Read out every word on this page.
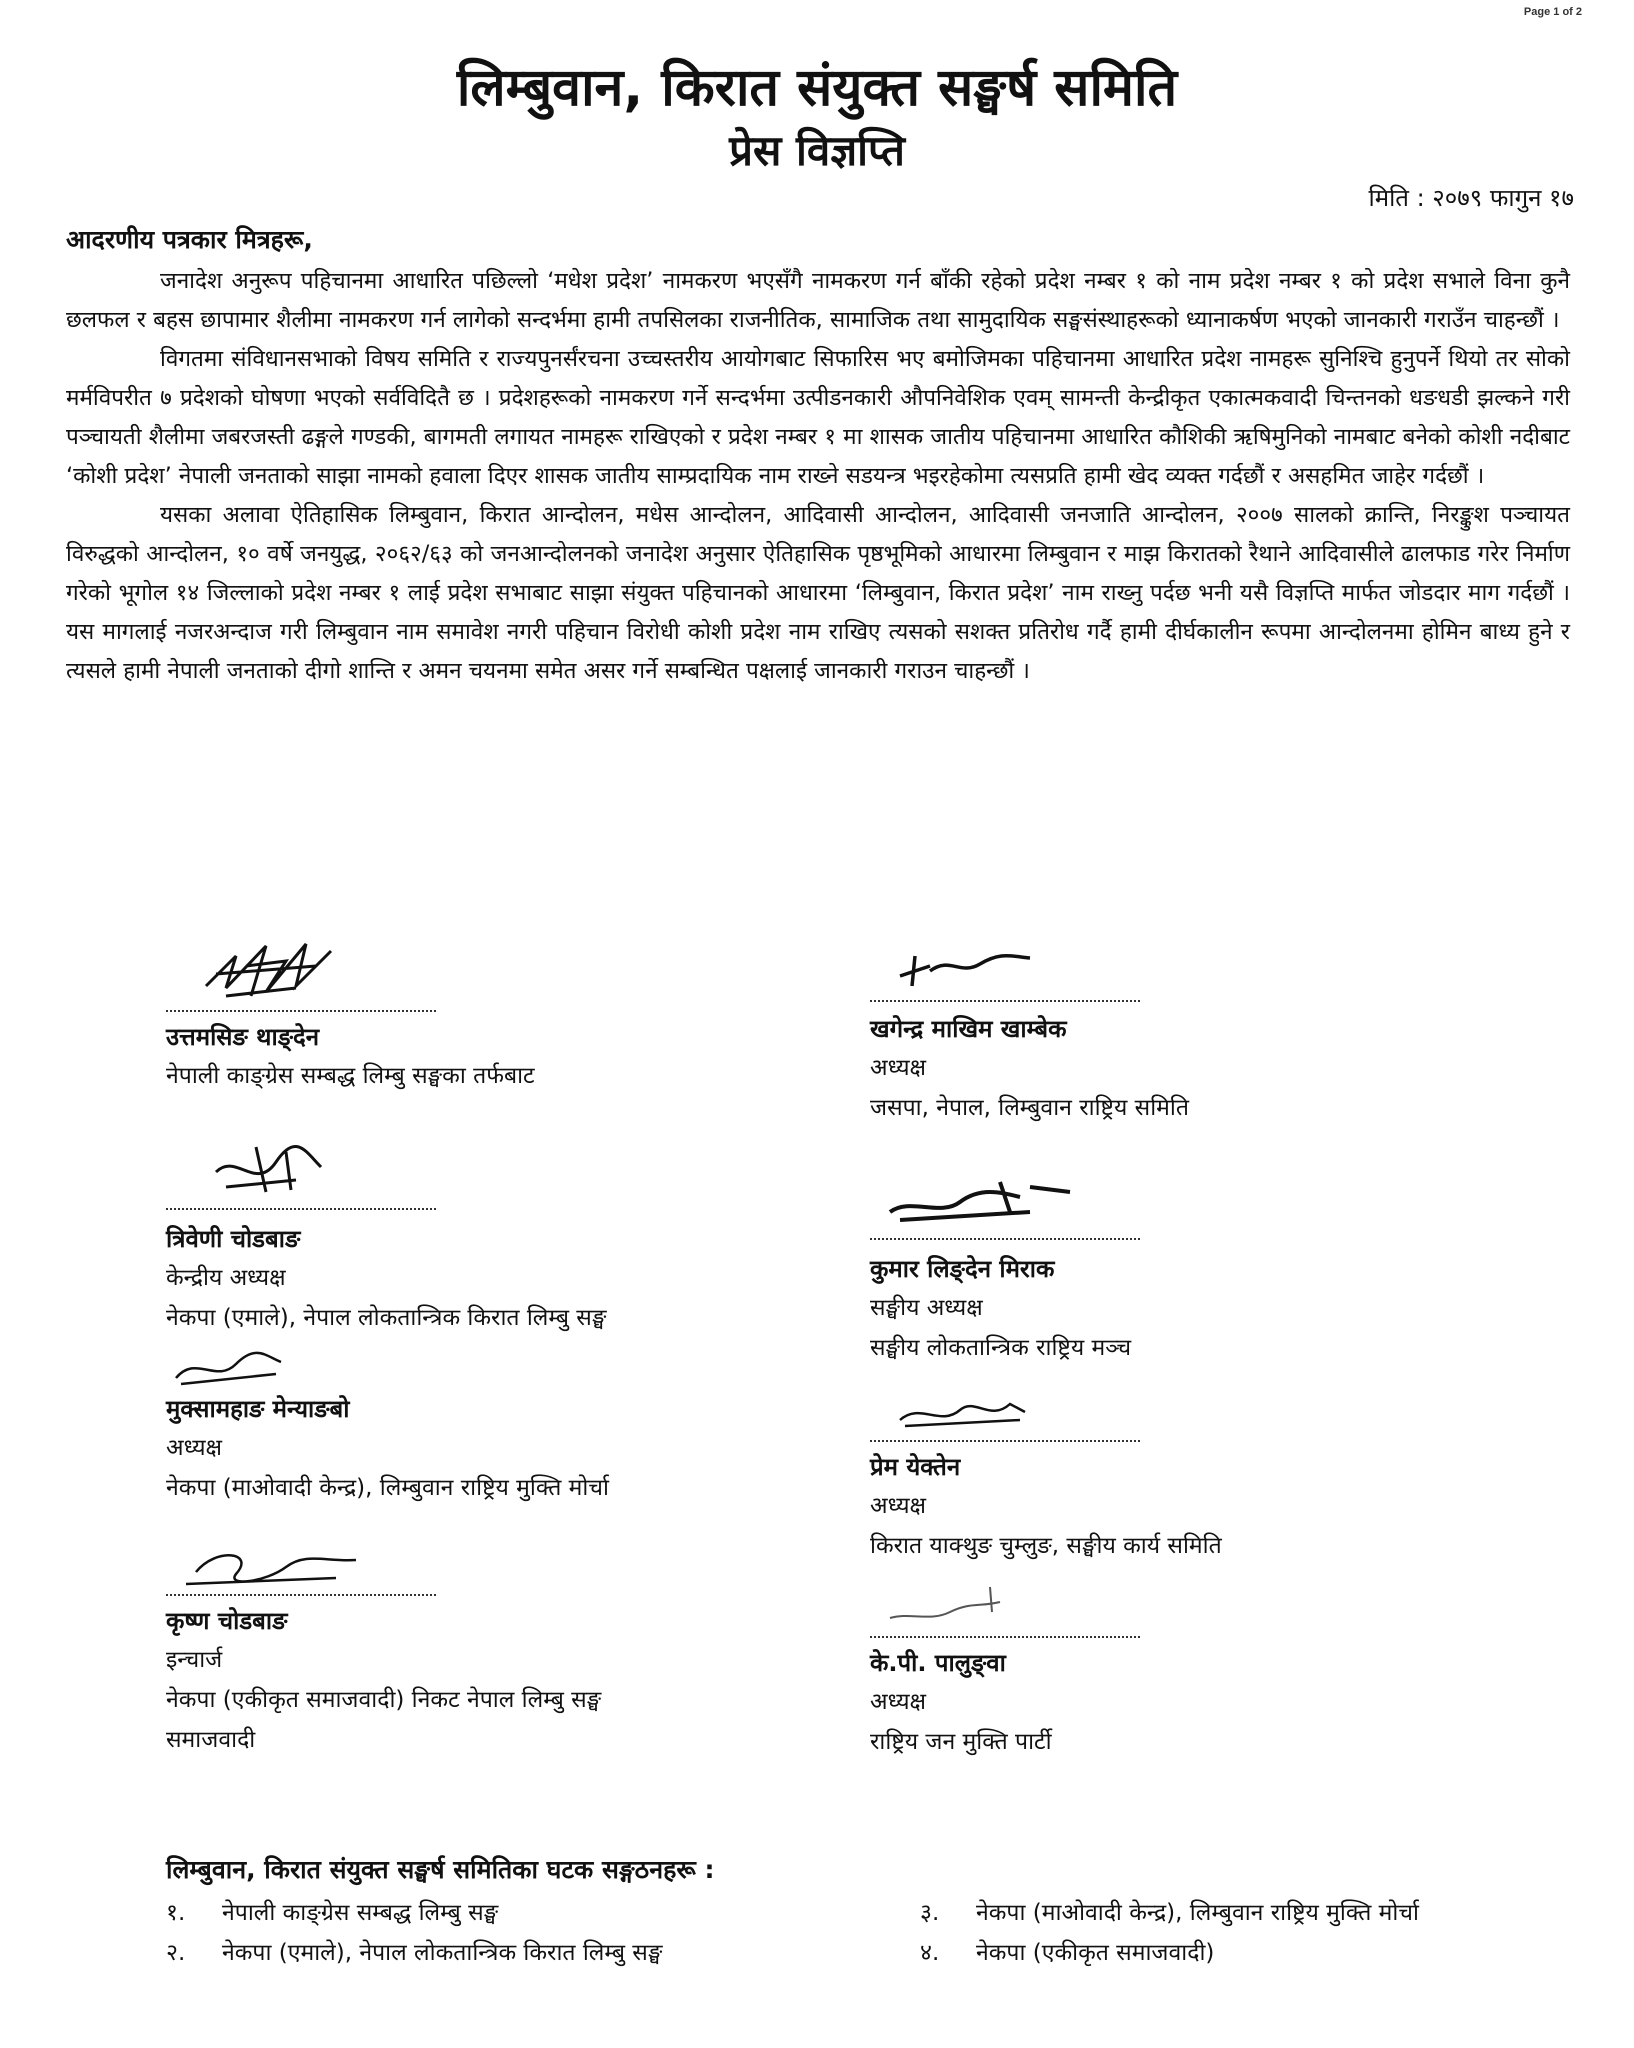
Page 1 of 2
लिम्बुवान, किरात संयुक्त सङ्घर्ष समिति
प्रेस विज्ञप्ति
मिति : २०७९ फागुन १७
आदरणीय पत्रकार मित्रहरू,

जनादेश अनुरूप पहिचानमा आधारित पछिल्लो ‘मधेश प्रदेश’ नामकरण भएसँगै नामकरण गर्न बाँकी रहेको प्रदेश नम्बर १ को नाम प्रदेश नम्बर १ को प्रदेश सभाले विना कुनै छलफल र बहस छापामार शैलीमा नामकरण गर्न लागेको सन्दर्भमा हामी तपसिलका राजनीतिक, सामाजिक तथा सामुदायिक सङ्घसंस्थाहरूको ध्यानाकर्षण भएको जानकारी गराउँन चाहन्छौं ।

विगतमा संविधानसभाको विषय समिति र राज्यपुनर्संरचना उच्चस्तरीय आयोगबाट सिफारिस भए बमोजिमका पहिचानमा आधारित प्रदेश नामहरू सुनिश्चि हुनुपर्ने थियो तर सोको मर्मविपरीत ७ प्रदेशको घोषणा भएको सर्वविदितै छ । प्रदेशहरूको नामकरण गर्ने सन्दर्भमा उत्पीडनकारी औपनिवेशिक एवम् सामन्ती केन्द्रीकृत एकात्मकवादी चिन्तनको धङधडी झल्कने गरी पञ्चायती शैलीमा जबरजस्ती ढङ्गले गण्डकी, बागमती लगायत नामहरू राखिएको र प्रदेश नम्बर १ मा शासक जातीय पहिचानमा आधारित कौशिकी ऋषिमुनिको नामबाट बनेको कोशी नदीबाट ‘कोशी प्रदेश’ नेपाली जनताको साझा नामको हवाला दिएर शासक जातीय साम्प्रदायिक नाम राख्ने सडयन्त्र भइरहेकोमा त्यसप्रति हामी खेद व्यक्त गर्दछौं र असहमित जाहेर गर्दछौं ।

यसका अलावा ऐतिहासिक लिम्बुवान, किरात आन्दोलन, मधेस आन्दोलन, आदिवासी आन्दोलन, आदिवासी जनजाति आन्दोलन, २००७ सालको क्रान्ति, निरङ्कुश पञ्चायत विरुद्धको आन्दोलन, १० वर्षे जनयुद्ध, २०६२/६३ को जनआन्दोलनको जनादेश अनुसार ऐतिहासिक पृष्ठभूमिको आधारमा लिम्बुवान र माझ किरातको रैथाने आदिवासीले ढालफाड गरेर निर्माण गरेको भूगोल १४ जिल्लाको प्रदेश नम्बर १ लाई प्रदेश सभाबाट साझा संयुक्त पहिचानको आधारमा ‘लिम्बुवान, किरात प्रदेश’ नाम राख्नु पर्दछ भनी यसै विज्ञप्ति मार्फत जोडदार माग गर्दछौं । यस मागलाई नजरअन्दाज गरी लिम्बुवान नाम समावेश नगरी पहिचान विरोधी कोशी प्रदेश नाम राखिए त्यसको सशक्त प्रतिरोध गर्दै हामी दीर्घकालीन रूपमा आन्दोलनमा होमिन बाध्य हुने र त्यसले हामी नेपाली जनताको दीगो शान्ति र अमन चयनमा समेत असर गर्ने सम्बन्धित पक्षलाई जानकारी गराउन चाहन्छौं ।

उत्तमसिङ थाङ्देन
नेपाली काङ्ग्रेस सम्बद्ध लिम्बु सङ्घका तर्फबाट
त्रिवेणी चोडबाङ
केन्द्रीय अध्यक्ष
नेकपा (एमाले), नेपाल लोकतान्त्रिक किरात लिम्बु सङ्घ
मुक्सामहाङ मेन्याङबो
अध्यक्ष
नेकपा (माओवादी केन्द्र), लिम्बुवान राष्ट्रिय मुक्ति मोर्चा
कृष्ण चोडबाङ
इन्चार्ज
नेकपा (एकीकृत समाजवादी) निकट नेपाल लिम्बु सङ्घ
समाजवादी
खगेन्द्र माखिम खाम्बेक
अध्यक्ष
जसपा, नेपाल, लिम्बुवान राष्ट्रिय समिति
कुमार लिङ्देन मिराक
सङ्घीय अध्यक्ष
सङ्घीय लोकतान्त्रिक राष्ट्रिय मञ्च
प्रेम येक्तेन
अध्यक्ष
किरात याक्थुङ चुम्लुङ, सङ्घीय कार्य समिति
के.पी. पालुङ्वा
अध्यक्ष
राष्ट्रिय जन मुक्ति पार्टी
लिम्बुवान, किरात संयुक्त सङ्घर्ष समितिका घटक सङ्गठनहरू :
१. नेपाली काङ्ग्रेस सम्बद्ध लिम्बु सङ्घ
२. नेकपा (एमाले), नेपाल लोकतान्त्रिक किरात लिम्बु सङ्घ
३. नेकपा (माओवादी केन्द्र), लिम्बुवान राष्ट्रिय मुक्ति मोर्चा
४. नेकपा (एकीकृत समाजवादी)
